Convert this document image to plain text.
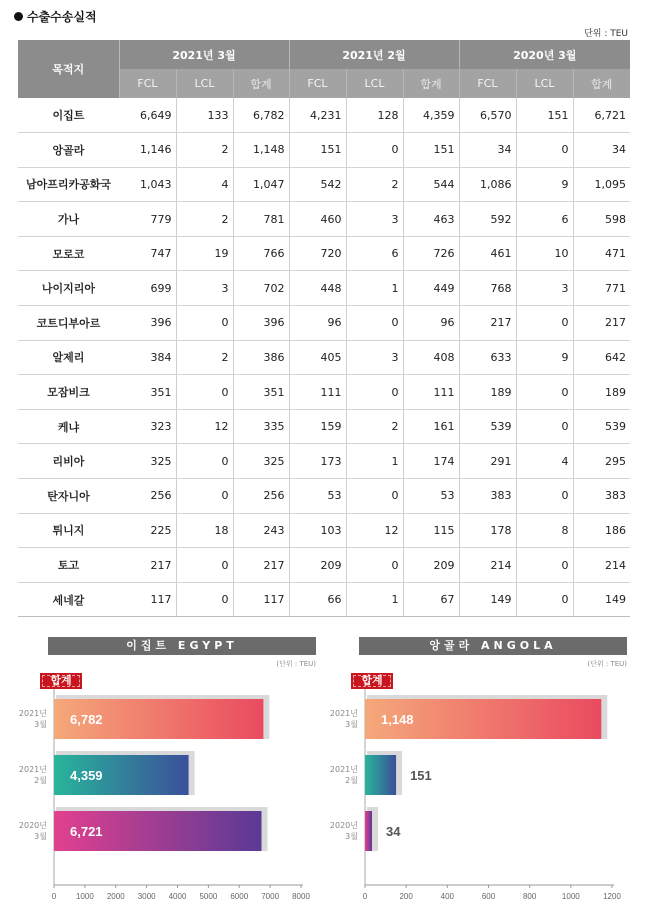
수출수송실적
단위 : TEU
목적지	2021년 3월			2021년 2월			2020년 3월		
	FCL	LCL	합계	FCL	LCL	합계	FCL	LCL	합계
이집트	6,649	133	6,782	4,231	128	4,359	6,570	151	6,721
앙골라	1,146	2	1,148	151	0	151	34	0	34
남아프리카공화국	1,043	4	1,047	542	2	544	1,086	9	1,095
가나	779	2	781	460	3	463	592	6	598
모로코	747	19	766	720	6	726	461	10	471
나이지리아	699	3	702	448	1	449	768	3	771
코트디부아르	396	0	396	96	0	96	217	0	217
알제리	384	2	386	405	3	408	633	9	642
모잠비크	351	0	351	111	0	111	189	0	189
케냐	323	12	335	159	2	161	539	0	539
리비아	325	0	325	173	1	174	291	4	295
탄자니아	256	0	256	53	0	53	383	0	383
튀니지	225	18	243	103	12	115	178	8	186
토고	217	0	217	209	0	209	214	0	214
세네갈	117	0	117	66	1	67	149	0	149
이집트 EGYPT
(단위 : TEU)
합계
0 1000 2000 3000 4000 5000 6000 7000 8000
2021년
3월 6,782
2021년
2월 4,359
2020년
3월 6,721
앙골라 ANGOLA
(단위 : TEU)
합계
0	200	400	600	800	1000	1200
2021년
3월 1,148
2021년
2월	151
2020년
3월 34
